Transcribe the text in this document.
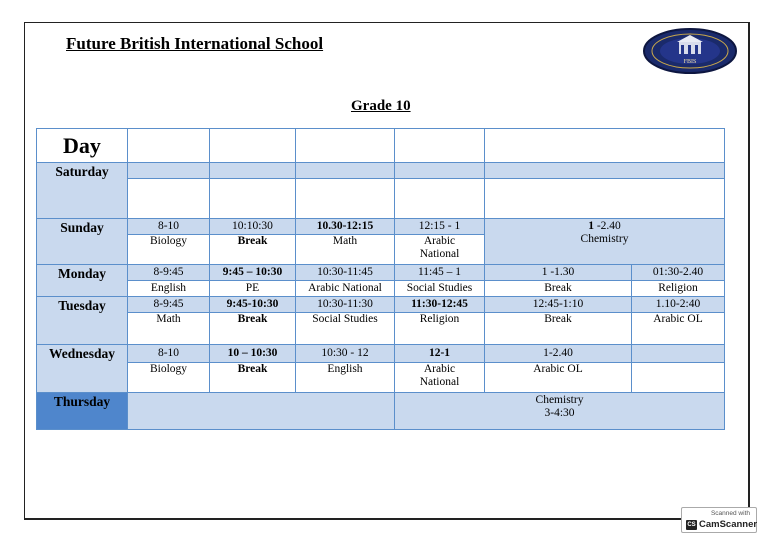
Future British International School
FBIS
Grade 10
Day						
Saturday						

Sunday	8-10	10:10:30	10.30-12:15	12:15 - 1	1 -2.40
Chemistry	
	Biology	Break	Math	Arabic National		
Monday	8-9:45	9:45 – 10:30	10:30-11:45	11:45 – 1	1 -1.30	01:30-2.40
	English	PE	Arabic National	Social Studies	Break	Religion
Tuesday	8-9:45	9:45-10:30	10:30-11:30	11:30-12:45	12:45-1:10	1.10-2:40
	Math	Break	Social Studies	Religion	Break	Arabic OL
Wednesday	8-10	10 – 10:30	10:30 - 12	12-1	1-2.40	
	Biology	Break	English	Arabic National	Arabic OL	
Thursday				Chemistry
3-4:30		
Scanned with
CS CamScanner
